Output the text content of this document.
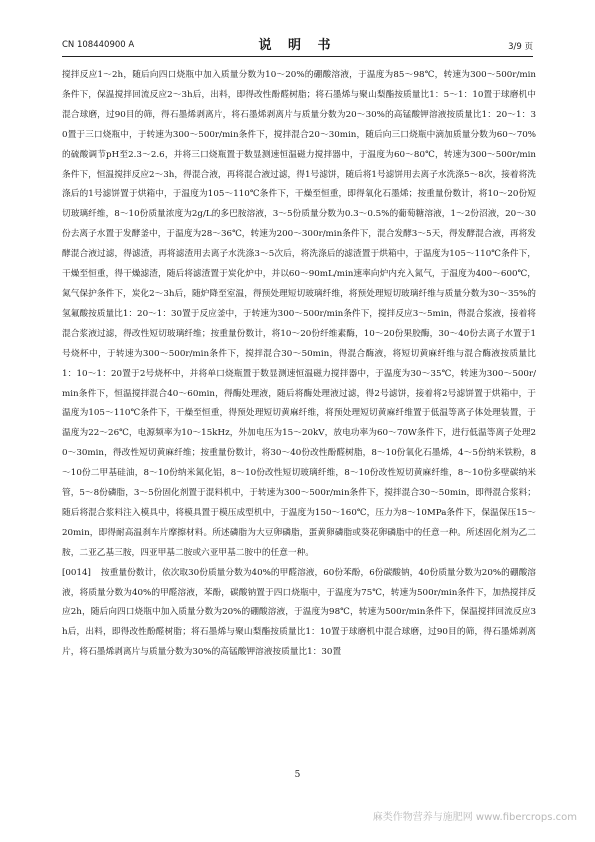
CN 108440900 A	说 明 书	3/9 页

搅拌反应1～2h，随后向四口烧瓶中加入质量分数为10～20%的硼酸溶液，于温度为85～98℃，转速为300～500r/min条件下，保温搅拌回流反应2～3h后，出料，即得改性酚醛树脂；将石墨烯与聚山梨酯按质量比1：5～1：10置于球磨机中混合球磨，过90目的筛，得石墨烯剥离片，将石墨烯剥离片与质量分数为20～30%的高锰酸钾溶液按质量比1：20～1：30置于三口烧瓶中，于转速为300～500r/min条件下，搅拌混合20～30min，随后向三口烧瓶中滴加质量分数为60～70%的硫酸调节pH至2.3～2.6，并将三口烧瓶置于数显测速恒温磁力搅拌器中，于温度为60～80℃，转速为300～500r/min条件下，恒温搅拌反应2～3h，得混合液，再将混合液过滤，得1号滤饼，随后将1号滤饼用去离子水洗涤5～8次，接着将洗涤后的1号滤饼置于烘箱中，于温度为105～110℃条件下，干燥至恒重，即得氧化石墨烯；按重量份数计，将10～20份短切玻璃纤维，8～10份质量浓度为2g/L的多巴胺溶液，3～5份质量分数为0.3～0.5%的葡萄糖溶液，1～2份沼液，20～30份去离子水置于发酵釜中，于温度为28～36℃，转速为200～300r/min条件下，混合发酵3～5天，得发酵混合液，再将发酵混合液过滤，得滤渣，再将滤渣用去离子水洗涤3～5次后，将洗涤后的滤渣置于烘箱中，于温度为105～110℃条件下，干燥至恒重，得干燥滤渣，随后将滤渣置于炭化炉中，并以60～90mL/min速率向炉内充入氮气，于温度为400～600℃，氮气保护条件下，炭化2～3h后，随炉降至室温，得预处理短切玻璃纤维，将预处理短切玻璃纤维与质量分数为30～35%的氢氟酸按质量比1：20～1：30置于反应釜中，于转速为300～500r/min条件下，搅拌反应3～5min，得混合浆液，接着将混合浆液过滤，得改性短切玻璃纤维；按重量份数计，将10～20份纤维素酶，10～20份果胶酶，30～40份去离子水置于1号烧杯中，于转速为300～500r/min条件下，搅拌混合30～50min，得混合酶液，将短切黄麻纤维与混合酶液按质量比1：10～1：20置于2号烧杯中，并将单口烧瓶置于数显测速恒温磁力搅拌器中，于温度为30～35℃，转速为300～500r/min条件下，恒温搅拌混合40～60min，得酶处理液，随后将酶处理液过滤，得2号滤饼，接着将2号滤饼置于烘箱中，于温度为105～110℃条件下，干燥至恒重，得预处理短切黄麻纤维，将预处理短切黄麻纤维置于低温等离子体处理装置，于温度为22～26℃，电源频率为10～15kHz，外加电压为15～20kV，放电功率为60～70W条件下，进行低温等离子处理20～30min，得改性短切黄麻纤维；按重量份数计，将30～40份改性酚醛树脂，8～10份氧化石墨烯，4～5份纳米铁粉，8～10份二甲基硅油，8～10份纳米氮化铝，8～10份改性短切玻璃纤维，8～10份改性短切黄麻纤维，8～10份多壁碳纳米管，5～8份磷脂，3～5份固化剂置于混料机中，于转速为300～500r/min条件下，搅拌混合30～50min，即得混合浆料；随后将混合浆料注入模具中，将模具置于模压成型机中，于温度为150～160℃，压力为8～10MPa条件下，保温保压15～20min，即得耐高温刹车片摩擦材料。所述磷脂为大豆卵磷脂，蛋黄卵磷脂或葵花卵磷脂中的任意一种。所述固化剂为乙二胺，二亚乙基三胺，四亚甲基二胺或六亚甲基二胺中的任意一种。

[0014] 按重量份数计，依次取30份质量分数为40%的甲醛溶液，60份苯酚，6份碳酸钠，40份质量分数为20%的硼酸溶液，将质量分数为40%的甲醛溶液，苯酚，碳酸钠置于四口烧瓶中，于温度为75℃，转速为500r/min条件下，加热搅拌反应2h，随后向四口烧瓶中加入质量分数为20%的硼酸溶液，于温度为98℃，转速为500r/min条件下，保温搅拌回流反应3h后，出料，即得改性酚醛树脂；将石墨烯与聚山梨酯按质量比1：10置于球磨机中混合球磨，过90目的筛，得石墨烯剥离片，将石墨烯剥离片与质量分数为30%的高锰酸钾溶液按质量比1：30置

5
麻类作物营养与施肥网 www.fibercrops.com
